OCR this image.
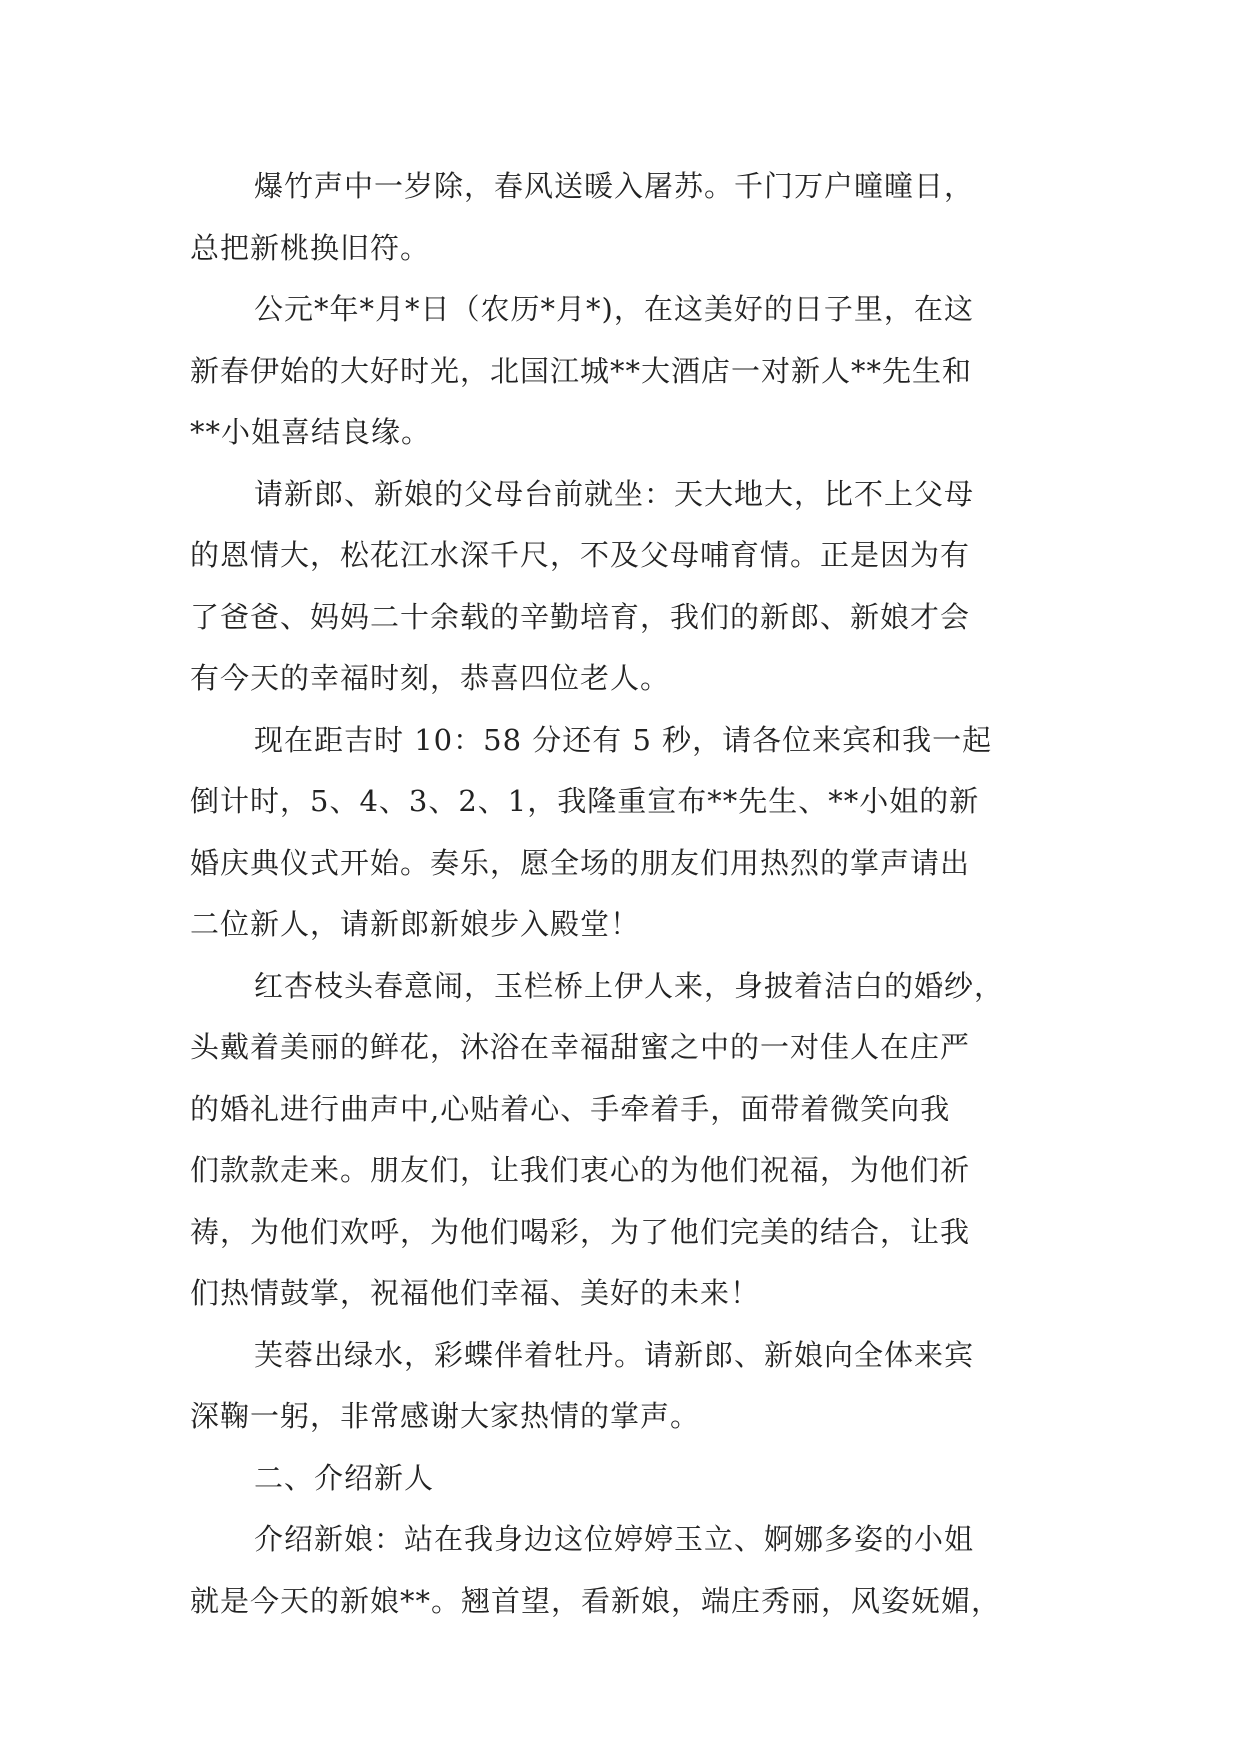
爆竹声中一岁除，春风送暖入屠苏。千门万户曈曈日，
总把新桃换旧符。
公元*年*月*日（农历*月*)，在这美好的日子里，在这
新春伊始的大好时光，北国江城**大酒店一对新人**先生和
**小姐喜结良缘。
请新郎、新娘的父母台前就坐：天大地大，比不上父母
的恩情大，松花江水深千尺，不及父母哺育情。正是因为有
了爸爸、妈妈二十余载的辛勤培育，我们的新郎、新娘才会
有今天的幸福时刻，恭喜四位老人。
现在距吉时 10：58 分还有 5 秒，请各位来宾和我一起
倒计时，5、4、3、2、1，我隆重宣布**先生、**小姐的新
婚庆典仪式开始。奏乐，愿全场的朋友们用热烈的掌声请出
二位新人，请新郎新娘步入殿堂！
红杏枝头春意闹，玉栏桥上伊人来，身披着洁白的婚纱，
头戴着美丽的鲜花，沐浴在幸福甜蜜之中的一对佳人在庄严
的婚礼进行曲声中,心贴着心、手牵着手，面带着微笑向我
们款款走来。朋友们，让我们衷心的为他们祝福，为他们祈
祷，为他们欢呼，为他们喝彩，为了他们完美的结合，让我
们热情鼓掌，祝福他们幸福、美好的未来！
芙蓉出绿水，彩蝶伴着牡丹。请新郎、新娘向全体来宾
深鞠一躬，非常感谢大家热情的掌声。
二、介绍新人
介绍新娘：站在我身边这位婷婷玉立、婀娜多姿的小姐
就是今天的新娘**。翘首望，看新娘，端庄秀丽，风姿妩媚，
